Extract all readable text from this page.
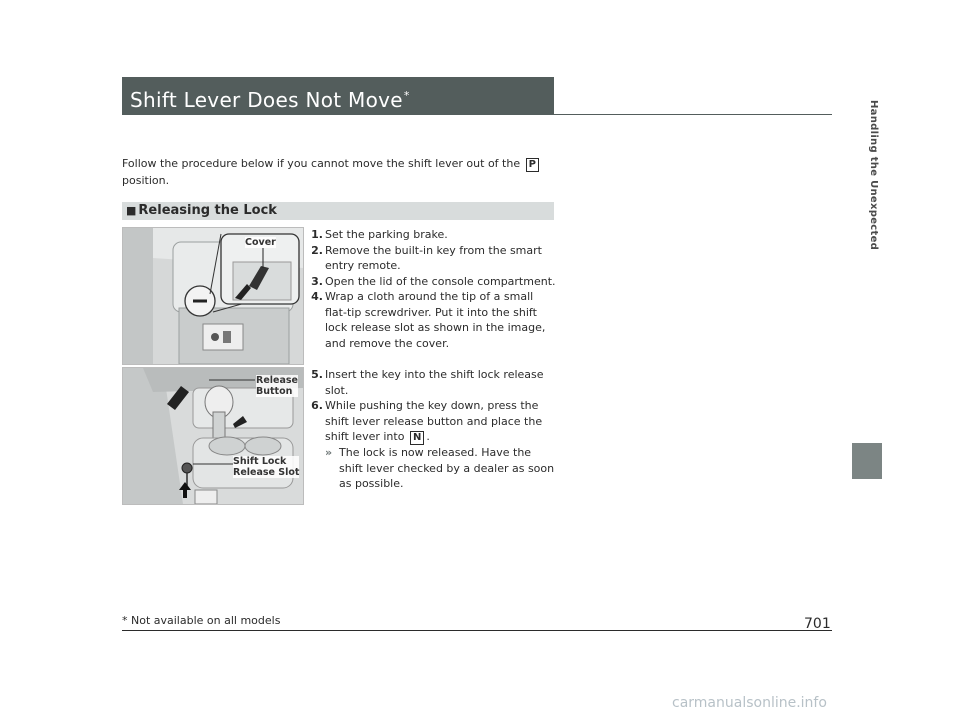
Shift Lever Does Not Move*
Follow the procedure below if you cannot move the shift lever out of the P
position.
■ Releasing the Lock
Cover
Release
Button
Shift Lock
Release Slot
1. Set the parking brake.
2. Remove the built-in key from the smart entry remote.
3. Open the lid of the console compartment.
4. Wrap a cloth around the tip of a small flat-tip screwdriver. Put it into the shift lock release slot as shown in the image, and remove the cover.
5. Insert the key into the shift lock release slot.
6. While pushing the key down, press the shift lever release button and place the shift lever into N .
» The lock is now released. Have the shift lever checked by a dealer as soon as possible.
Handling the Unexpected
* Not available on all models	701
carmanualsonline.info
